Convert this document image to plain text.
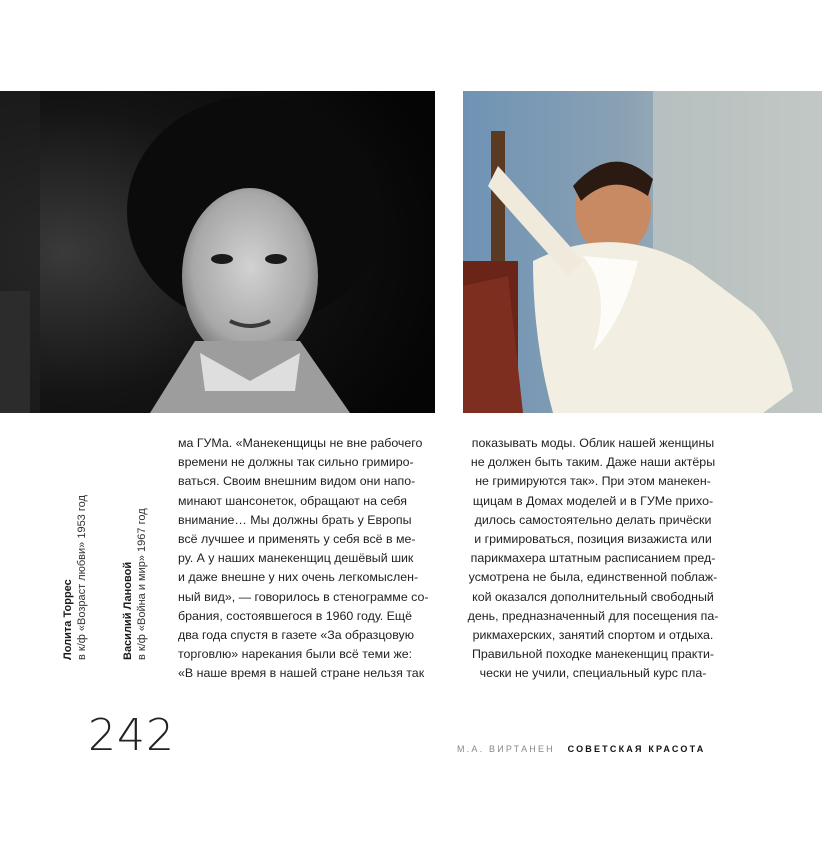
Лолита Торрес в к/ф «Возраст любви» 1953 год	Василий Лановой в к/ф «Война и мир» 1967 год
ма ГУМа. «Манекенщицы не вне рабочего
времени не должны так сильно гримиро-
ваться. Своим внешним видом они напо-
минают шансонеток, обращают на себя
внимание… Мы должны брать у Европы
всё лучшее и применять у себя всё в ме-
ру. А у наших манекенщиц дешёвый шик
и даже внешне у них очень легкомыслен-
ный вид», — говорилось в стенограмме со-
брания, состоявшегося в 1960 году. Ещё
два года спустя в газете «За образцовую
торговлю» нарекания были всё теми же:
«В наше время в нашей стране нельзя так
показывать моды. Облик нашей женщины
не должен быть таким. Даже наши актёры
не гримируются так». При этом манекен-
щицам в Домах моделей и в ГУМе прихо-
дилось самостоятельно делать причёски
и гримироваться, позиция визажиста или
парикмахера штатным расписанием пред-
усмотрена не была, единственной поблаж-
кой оказался дополнительный свободный
день, предназначенный для посещения па-
рикмахерских, занятий спортом и отдыха.
Правильной походке манекенщиц практи-
чески не учили, специальный курс пла-
242	М.А. ВИРТАНЕН СОВЕТСКАЯ КРАСОТА
